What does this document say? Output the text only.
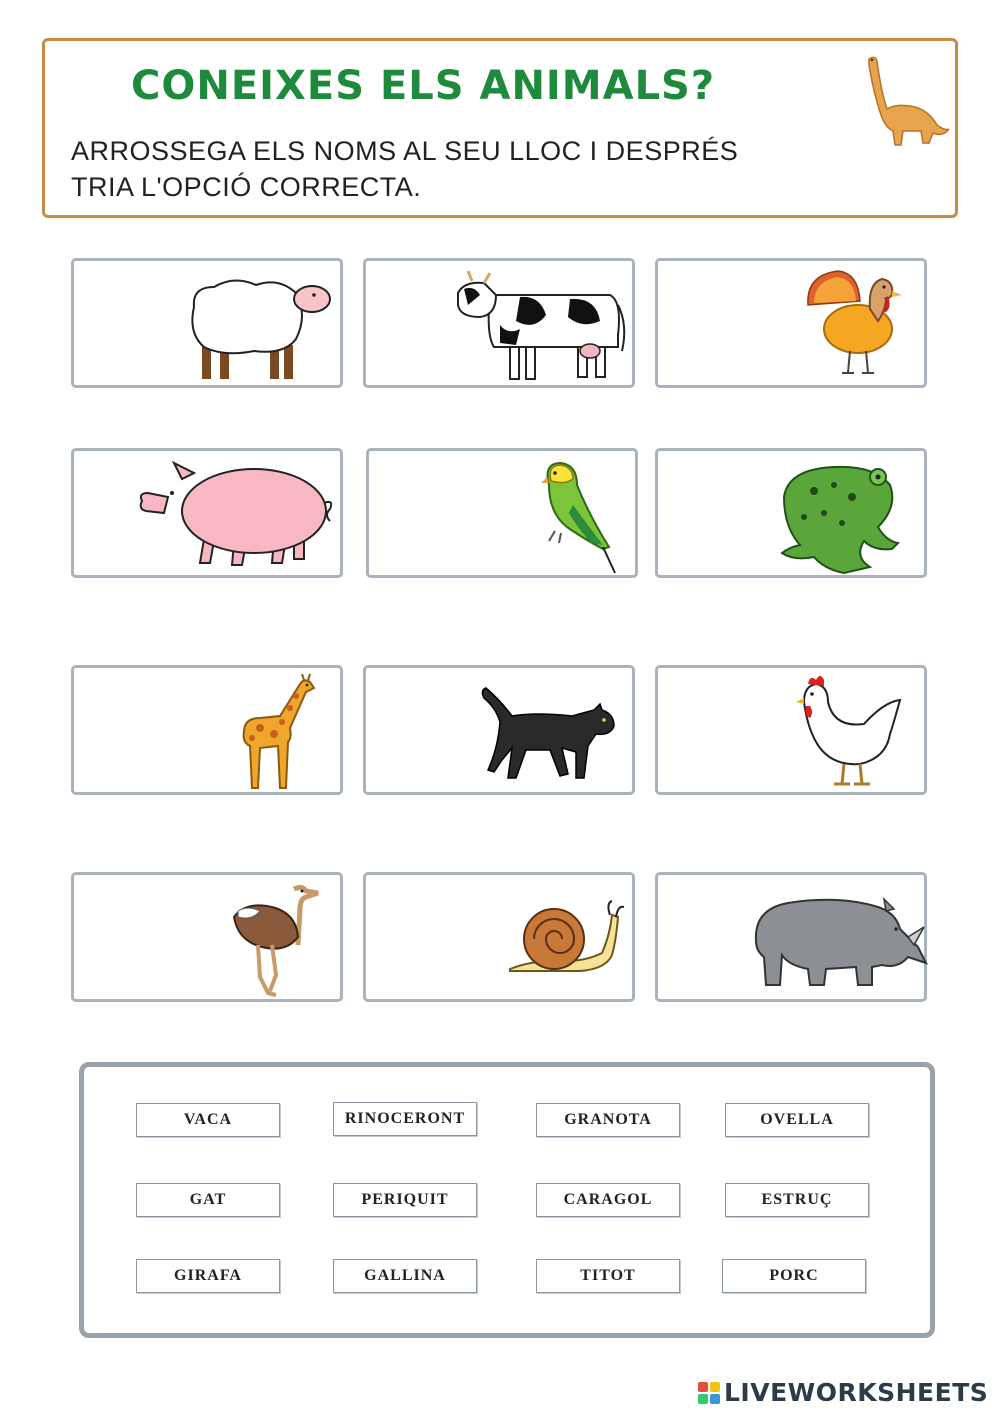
CONEIXES ELS ANIMALS?
ARROSSEGA ELS NOMS AL SEU LLOC I DESPRÉS
TRIA L'OPCIÓ CORRECTA.
VACA	RINOCERONT	GRANOTA	OVELLA
GAT	PERIQUIT	CARAGOL	ESTRUÇ
GIRAFA	GALLINA	TITOT	PORC
LIVEWORKSHEETS
